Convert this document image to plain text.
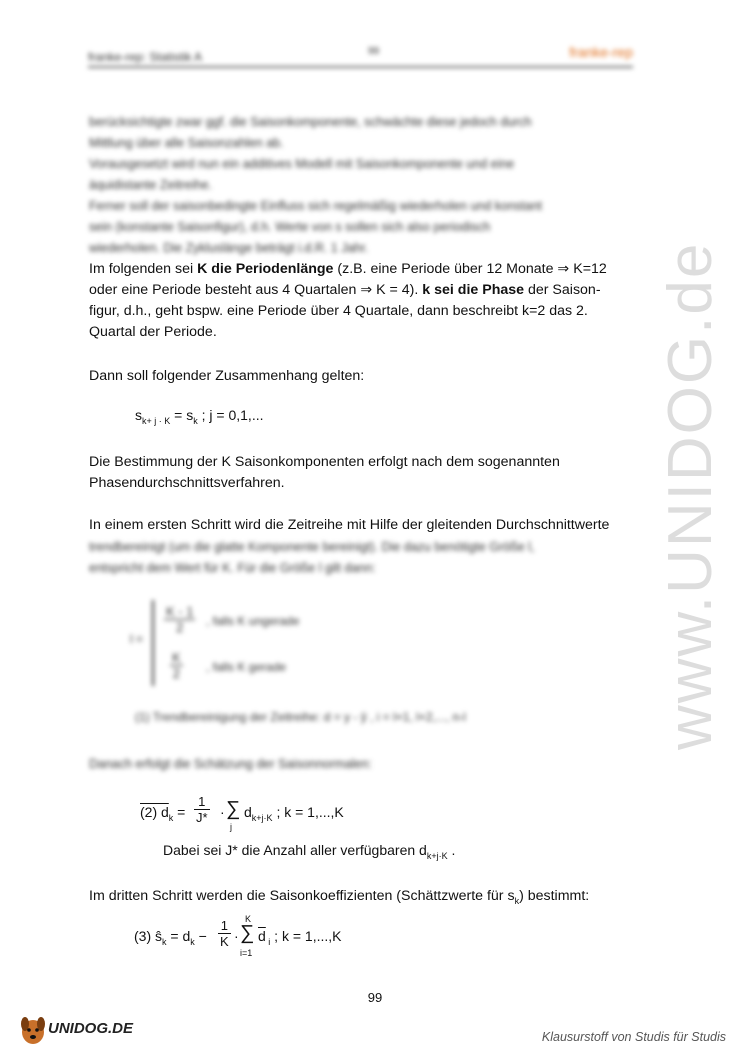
franke-rep: Statistik A	99	franke-rep
www.UNIDOG.de
berücksichtigte zwar ggf. die Saisonkomponente, schwächte diese jedoch durch
Mittlung über alle Saisonzahlen ab.
Vorausgesetzt wird nun ein additives Modell mit Saisonkomponente und eine
äquidistante Zeitreihe.
Ferner soll der saisonbedingte Einfluss sich regelmäßig wiederholen und konstant
sein (konstante Saisonfigur), d.h. Werte von s sollen sich also periodisch
wiederholen. Die Zykluslänge beträgt i.d.R. 1 Jahr.
Im folgenden sei K die Periodenlänge (z.B. eine Periode über 12 Monate ⇒ K=12
oder eine Periode besteht aus 4 Quartalen ⇒ K = 4). k sei die Phase der Saison-
figur, d.h., geht bspw. eine Periode über 4 Quartale, dann beschreibt k=2 das 2.
Quartal der Periode.
Dann soll folgender Zusammenhang gelten:
$s_{k+ j \cdot K} = s_k$ ; j = 0,1,...
Die Bestimmung der K Saisonkomponenten erfolgt nach dem sogenannten
Phasendurchschnittsverfahren.
In einem ersten Schritt wird die Zeitreihe mit Hilfe der gleitenden Durchschnittwerte
trendbereinigt (um die glatte Komponente bereinigt). Die dazu benötigte Größe l,
entspricht dem Wert für K. Für die Größe l gilt dann:
l =
$\frac{K - 1}{2}$ , falls K ungerade
$\frac{K}{2}$ , falls K gerade
(1) Trendbereinigung der Zeitreihe: d = y - ŷ , i = l+1, l+2,..., n-l
Danach erfolgt die Schätzung der Saisonnormalen:
(2) $d_k = \frac{1}{J*}$ · ∑
j
$d_{k+j\cdot K}$ ; k = 1,...,K
Dabei sei J* die Anzahl aller verfügbaren $d_{k+j\cdot K}$ .
Im dritten Schritt werden die Saisonkoeffizienten (Schättzwerte für $s_k$) bestimmt:
(3) $ŝ_k = d_k - \frac{1}{K}$ ·
K
∑
i=1
$\overline{d}$ $_i$ ; k = 1,...,K
99
UNIDOG.DE
Klausurstoff von Studis für Studis
